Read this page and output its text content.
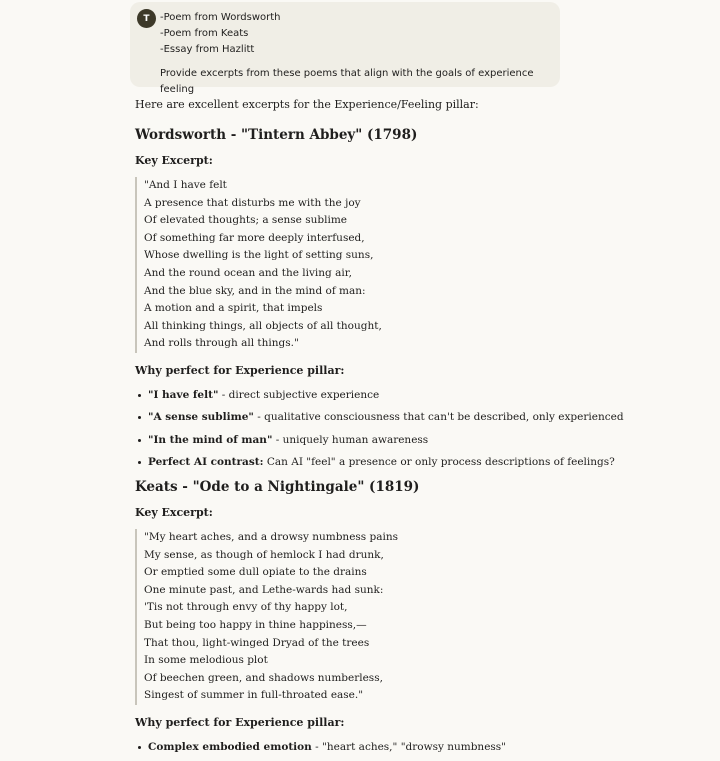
T	-Poem from Wordsworth
-Poem from Keats
-Essay from Hazlitt
Provide excerpts from these poems that align with the goals of experience feeling

Here are excellent excerpts for the Experience/Feeling pillar:

Wordsworth - "Tintern Abbey" (1798)
Key Excerpt:
"And I have felt
A presence that disturbs me with the joy
Of elevated thoughts; a sense sublime
Of something far more deeply interfused,
Whose dwelling is the light of setting suns,
And the round ocean and the living air,
And the blue sky, and in the mind of man:
A motion and a spirit, that impels
All thinking things, all objects of all thought,
And rolls through all things."
Why perfect for Experience pillar:
"I have felt" - direct subjective experience
"A sense sublime" - qualitative consciousness that can't be described, only experienced
"In the mind of man" - uniquely human awareness
Perfect AI contrast: Can AI "feel" a presence or only process descriptions of feelings?
Keats - "Ode to a Nightingale" (1819)
Key Excerpt:
"My heart aches, and a drowsy numbness pains
My sense, as though of hemlock I had drunk,
Or emptied some dull opiate to the drains
One minute past, and Lethe-wards had sunk:
'Tis not through envy of thy happy lot,
But being too happy in thine happiness,—
That thou, light-winged Dryad of the trees
In some melodious plot
Of beechen green, and shadows numberless,
Singest of summer in full-throated ease."
Why perfect for Experience pillar:
Complex embodied emotion - "heart aches," "drowsy numbness"
